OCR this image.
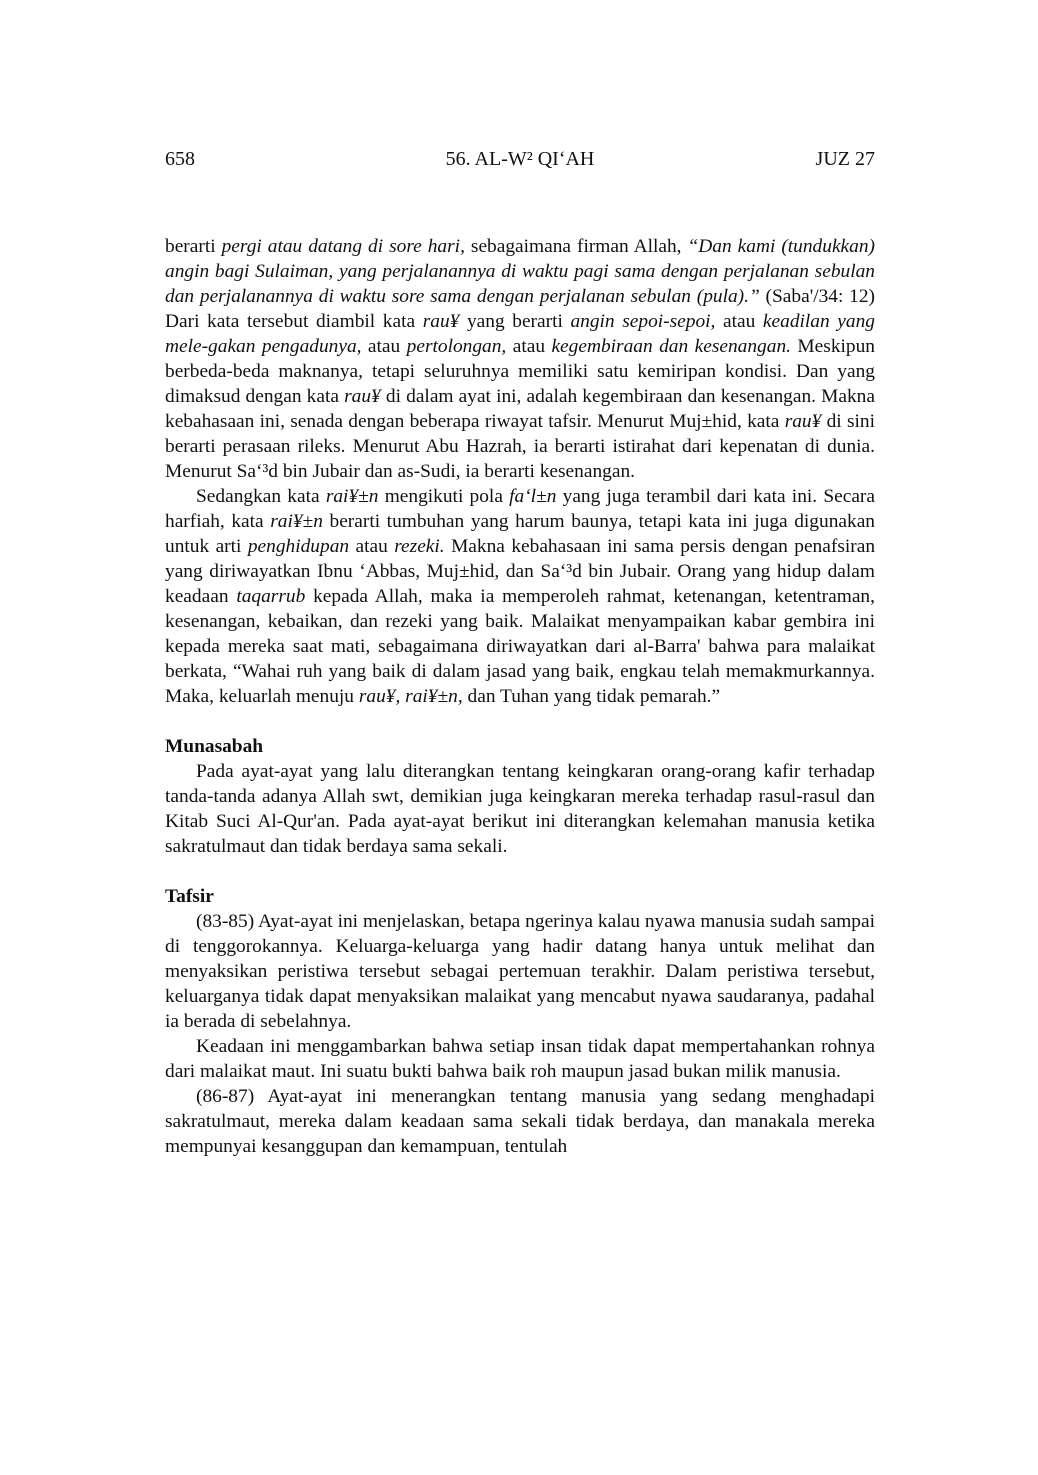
658	56. AL-W² QI‘AH	JUZ 27

berarti pergi atau datang di sore hari, sebagaimana firman Allah, “Dan kami (tundukkan) angin bagi Sulaiman, yang perjalanannya di waktu pagi sama dengan perjalanan sebulan dan perjalanannya di waktu sore sama dengan perjalanan sebulan (pula).” (Saba'/34: 12) Dari kata tersebut diambil kata rau¥ yang berarti angin sepoi-sepoi, atau keadilan yang mele-gakan pengadunya, atau pertolongan, atau kegembiraan dan kesenangan. Meskipun berbeda-beda maknanya, tetapi seluruhnya memiliki satu kemiripan kondisi. Dan yang dimaksud dengan kata rau¥ di dalam ayat ini, adalah kegembiraan dan kesenangan. Makna kebahasaan ini, senada dengan beberapa riwayat tafsir. Menurut Muj±hid, kata rau¥ di sini berarti perasaan rileks. Menurut Abu Hazrah, ia berarti istirahat dari kepenatan di dunia. Menurut Sa‘³d bin Jubair dan as-Sudi, ia berarti kesenangan.

Sedangkan kata rai¥±n mengikuti pola fa‘l±n yang juga terambil dari kata ini. Secara harfiah, kata rai¥±n berarti tumbuhan yang harum baunya, tetapi kata ini juga digunakan untuk arti penghidupan atau rezeki. Makna kebahasaan ini sama persis dengan penafsiran yang diriwayatkan Ibnu ‘Abbas, Muj±hid, dan Sa‘³d bin Jubair. Orang yang hidup dalam keadaan taqarrub kepada Allah, maka ia memperoleh rahmat, ketenangan, ketentraman, kesenangan, kebaikan, dan rezeki yang baik. Malaikat menyampaikan kabar gembira ini kepada mereka saat mati, sebagaimana diriwayatkan dari al-Barra' bahwa para malaikat berkata, “Wahai ruh yang baik di dalam jasad yang baik, engkau telah memakmurkannya. Maka, keluarlah menuju rau¥, rai¥±n, dan Tuhan yang tidak pemarah.”

Munasabah

Pada ayat-ayat yang lalu diterangkan tentang keingkaran orang-orang kafir terhadap tanda-tanda adanya Allah swt, demikian juga keingkaran mereka terhadap rasul-rasul dan Kitab Suci Al-Qur'an. Pada ayat-ayat berikut ini diterangkan kelemahan manusia ketika sakratulmaut dan tidak berdaya sama sekali.

Tafsir

(83-85) Ayat-ayat ini menjelaskan, betapa ngerinya kalau nyawa manusia sudah sampai di tenggorokannya. Keluarga-keluarga yang hadir datang hanya untuk melihat dan menyaksikan peristiwa tersebut sebagai pertemuan terakhir. Dalam peristiwa tersebut, keluarganya tidak dapat menyaksikan malaikat yang mencabut nyawa saudaranya, padahal ia berada di sebelahnya.

Keadaan ini menggambarkan bahwa setiap insan tidak dapat mempertahankan rohnya dari malaikat maut. Ini suatu bukti bahwa baik roh maupun jasad bukan milik manusia.

(86-87) Ayat-ayat ini menerangkan tentang manusia yang sedang menghadapi sakratulmaut, mereka dalam keadaan sama sekali tidak berdaya, dan manakala mereka mempunyai kesanggupan dan kemampuan, tentulah
